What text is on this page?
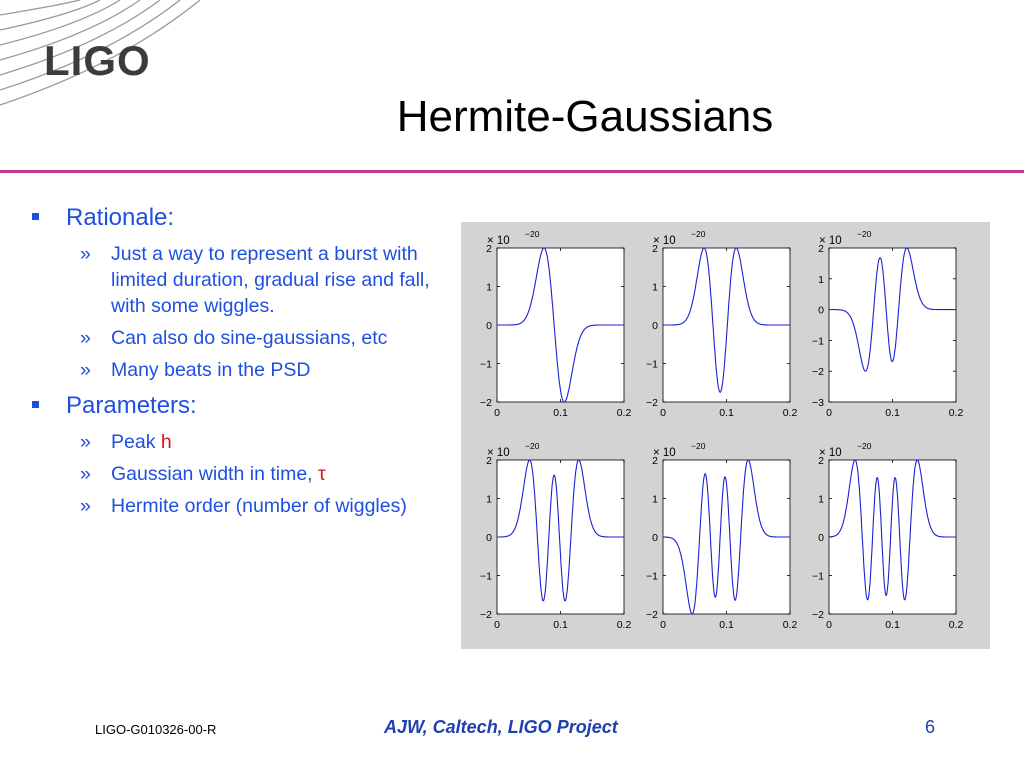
LIGO
Hermite-Gaussians
Rationale:
» Just a way to represent a burst with limited duration, gradual rise and fall, with some wiggles.
» Can also do sine-gaussians, etc
» Many beats in the PSD
Parameters:
» Peak h
» Gaussian width in time, τ
» Hermite order (number of wiggles)
−2
−1
0
1
2
0	0.1	0.2
× 10
−20
−2
−1
0
1
2
0	0.1	0.2
× 10
−20
−3
−2
−1
0
1
2
0	0.1	0.2
× 10
−20
−2
−1
0
1
2
0	0.1	0.2
× 10
−20
−2
−1
0
1
2
0	0.1	0.2
× 10
−20
−2
−1
0
1
2
0	0.1	0.2
× 10
−20
LIGO-G010326-00-R	AJW, Caltech, LIGO Project	6
